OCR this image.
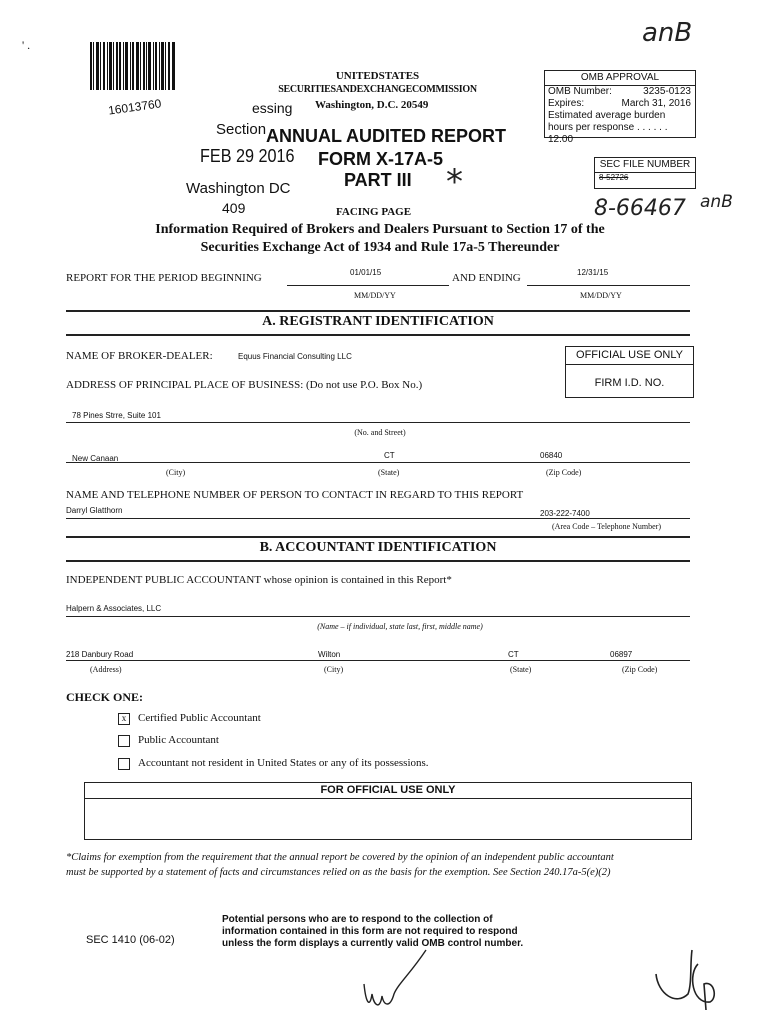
anB
' .
16013760	essing
Section
FEB 29 2016
Washington DC
409
UNITEDSTATES
SECURITIESANDEXCHANGECOMMISSION
Washington, D.C. 20549
ANNUAL AUDITED REPORT
FORM X-17A-5
PART III *
FACING PAGE
Information Required of Brokers and Dealers Pursuant to Section 17 of the
Securities Exchange Act of 1934 and Rule 17a-5 Thereunder
OMB APPROVAL
OMB Number:	3235-0123
Expires:	March 31, 2016
Estimated average burden
hours per response . . . . . . 12.00
SEC FILE NUMBER
8-52726
8-66467 anB
REPORT FOR THE PERIOD BEGINNING	01/01/15
MM/DD/YY
AND ENDING	12/31/15
MM/DD/YY
A. REGISTRANT IDENTIFICATION
NAME OF BROKER-DEALER:	Equus Financial Consulting LLC	OFFICIAL USE ONLY
FIRM I.D. NO.
ADDRESS OF PRINCIPAL PLACE OF BUSINESS: (Do not use P.O. Box No.)
78 Pines Strre, Suite 101
(No. and Street)
New Canaan	CT	06840
(City)	(State)	(Zip Code)
NAME AND TELEPHONE NUMBER OF PERSON TO CONTACT IN REGARD TO THIS REPORT
Darryl Glatthorn	203-222-7400
(Area Code – Telephone Number)
B. ACCOUNTANT IDENTIFICATION
INDEPENDENT PUBLIC ACCOUNTANT whose opinion is contained in this Report*
Halpern & Associates, LLC
(Name – if individual, state last, first, middle name)
218 Danbury Road	Wilton	CT	06897
(Address)	(City)	(State)	(Zip Code)
CHECK ONE:
x	Certified Public Accountant
Public Accountant
Accountant not resident in United States or any of its possessions.
FOR OFFICIAL USE ONLY
*Claims for exemption from the requirement that the annual report be covered by the opinion of an independent public accountant
must be supported by a statement of facts and circumstances relied on as the basis for the exemption. See Section 240.17a-5(e)(2)
SEC 1410 (06-02)
Potential persons who are to respond to the collection of
information contained in this form are not required to respond
unless the form displays a currently valid OMB control number.
